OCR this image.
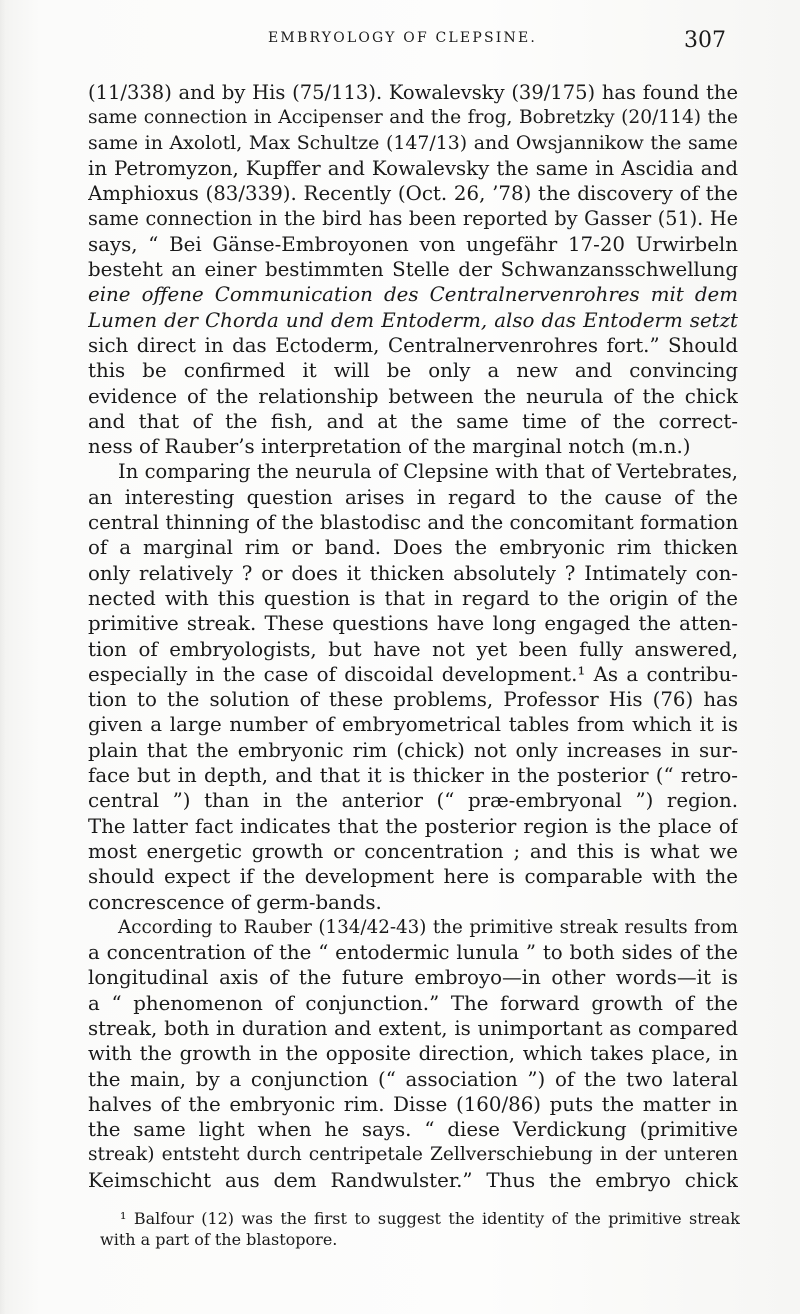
EMBRYOLOGY OF CLEPSINE.	307
(11/338) and by His (75/113). Kowalevsky (39/175) has found the
same connection in Accipenser and the frog, Bobretzky (20/114) the
same in Axolotl, Max Schultze (147/13) and Owsjannikow the same
in Petromyzon, Kupffer and Kowalevsky the same in Ascidia and
Amphioxus (83/339). Recently (Oct. 26, ’78) the discovery of the
same connection in the bird has been reported by Gasser (51). He
says, “ Bei Gänse-Embroyonen von ungefähr 17-20 Urwirbeln
besteht an einer bestimmten Stelle der Schwanzansschwellung
eine offene Communication des Centralnervenrohres mit dem
Lumen der Chorda und dem Entoderm, also das Entoderm setzt
sich direct in das Ectoderm, Centralnervenrohres fort.” Should
this be confirmed it will be only a new and convincing
evidence of the relationship between the neurula of the chick
and that of the fish, and at the same time of the correct-
ness of Rauber’s interpretation of the marginal notch (m.n.)
In comparing the neurula of Clepsine with that of Vertebrates,
an interesting question arises in regard to the cause of the
central thinning of the blastodisc and the concomitant formation
of a marginal rim or band. Does the embryonic rim thicken
only relatively ? or does it thicken absolutely ? Intimately con-
nected with this question is that in regard to the origin of the
primitive streak. These questions have long engaged the atten-
tion of embryologists, but have not yet been fully answered,
especially in the case of discoidal development.¹ As a contribu-
tion to the solution of these problems, Professor His (76) has
given a large number of embryometrical tables from which it is
plain that the embryonic rim (chick) not only increases in sur-
face but in depth, and that it is thicker in the posterior (“ retro-
central ”) than in the anterior (“ præ-embryonal ”) region.
The latter fact indicates that the posterior region is the place of
most energetic growth or concentration ; and this is what we
should expect if the development here is comparable with the
concrescence of germ-bands.
According to Rauber (134/42-43) the primitive streak results from
a concentration of the “ entodermic lunula ” to both sides of the
longitudinal axis of the future embroyo—in other words—it is
a “ phenomenon of conjunction.” The forward growth of the
streak, both in duration and extent, is unimportant as compared
with the growth in the opposite direction, which takes place, in
the main, by a conjunction (“ association ”) of the two lateral
halves of the embryonic rim. Disse (160/86) puts the matter in
the same light when he says. “ diese Verdickung (primitive
streak) entsteht durch centripetale Zellverschiebung in der unteren
Keimschicht aus dem Randwulster.” Thus the embryo chick
¹ Balfour (12) was the first to suggest the identity of the primitive streak
with a part of the blastopore.
